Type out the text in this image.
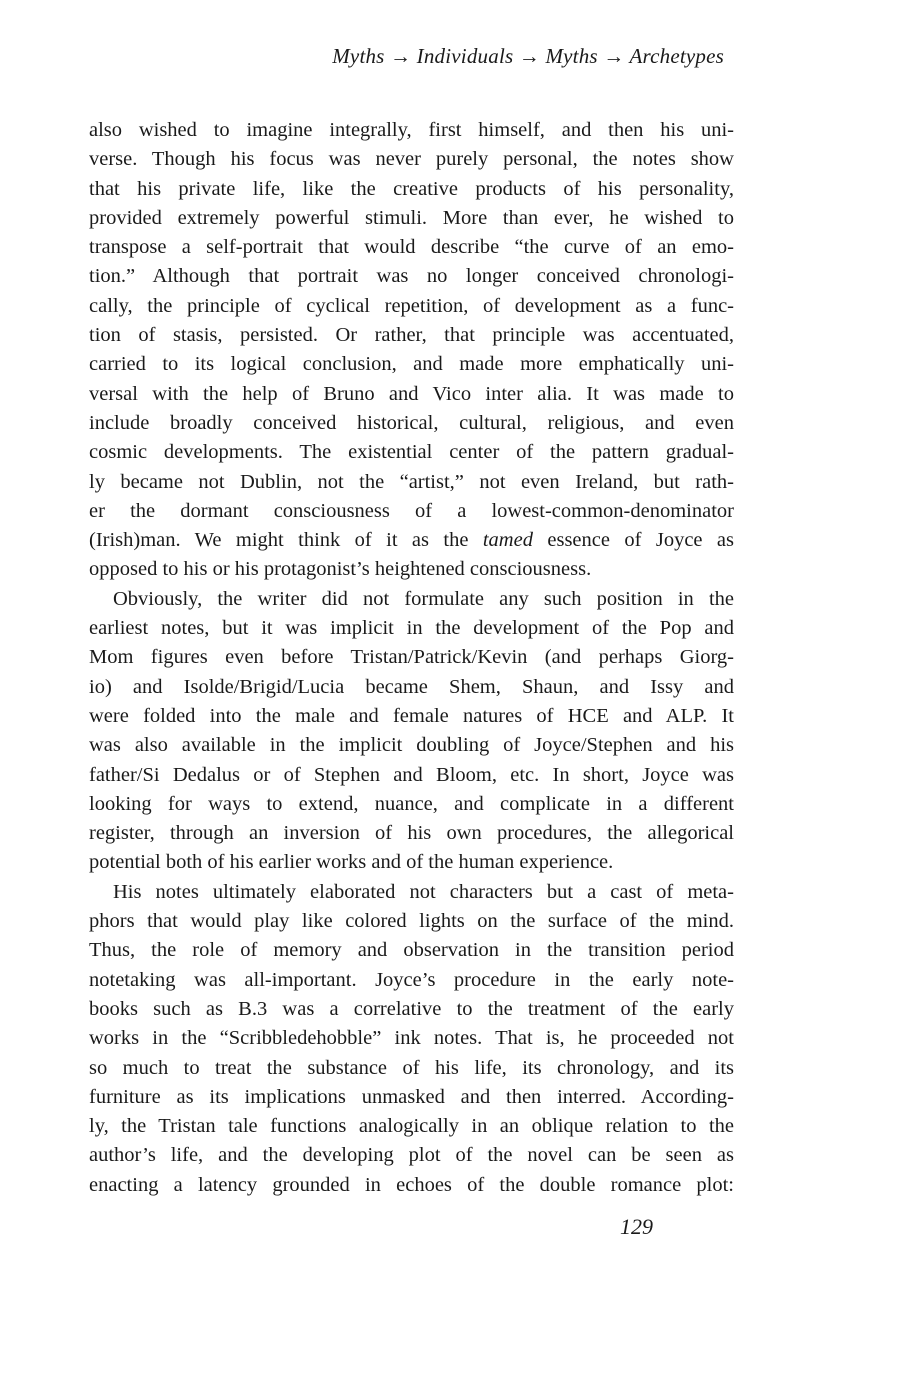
Myths → Individuals → Myths → Archetypes
also wished to imagine integrally, first himself, and then his uni-
verse. Though his focus was never purely personal, the notes show
that his private life, like the creative products of his personality,
provided extremely powerful stimuli. More than ever, he wished to
transpose a self-portrait that would describe “the curve of an emo-
tion.” Although that portrait was no longer conceived chronologi-
cally, the principle of cyclical repetition, of development as a func-
tion of stasis, persisted. Or rather, that principle was accentuated,
carried to its logical conclusion, and made more emphatically uni-
versal with the help of Bruno and Vico inter alia. It was made to
include broadly conceived historical, cultural, religious, and even
cosmic developments. The existential center of the pattern gradual-
ly became not Dublin, not the “artist,” not even Ireland, but rath-
er the dormant consciousness of a lowest-common-denominator
(Irish)man. We might think of it as the tamed essence of Joyce as
opposed to his or his protagonist’s heightened consciousness.
Obviously, the writer did not formulate any such position in the
earliest notes, but it was implicit in the development of the Pop and
Mom figures even before Tristan/Patrick/Kevin (and perhaps Giorg-
io) and Isolde/Brigid/Lucia became Shem, Shaun, and Issy and
were folded into the male and female natures of HCE and ALP. It
was also available in the implicit doubling of Joyce/Stephen and his
father/Si Dedalus or of Stephen and Bloom, etc. In short, Joyce was
looking for ways to extend, nuance, and complicate in a different
register, through an inversion of his own procedures, the allegorical
potential both of his earlier works and of the human experience.
His notes ultimately elaborated not characters but a cast of meta-
phors that would play like colored lights on the surface of the mind.
Thus, the role of memory and observation in the transition period
notetaking was all-important. Joyce’s procedure in the early note-
books such as B.3 was a correlative to the treatment of the early
works in the “Scribbledehobble” ink notes. That is, he proceeded not
so much to treat the substance of his life, its chronology, and its
furniture as its implications unmasked and then interred. According-
ly, the Tristan tale functions analogically in an oblique relation to the
author’s life, and the developing plot of the novel can be seen as
enacting a latency grounded in echoes of the double romance plot:
129
